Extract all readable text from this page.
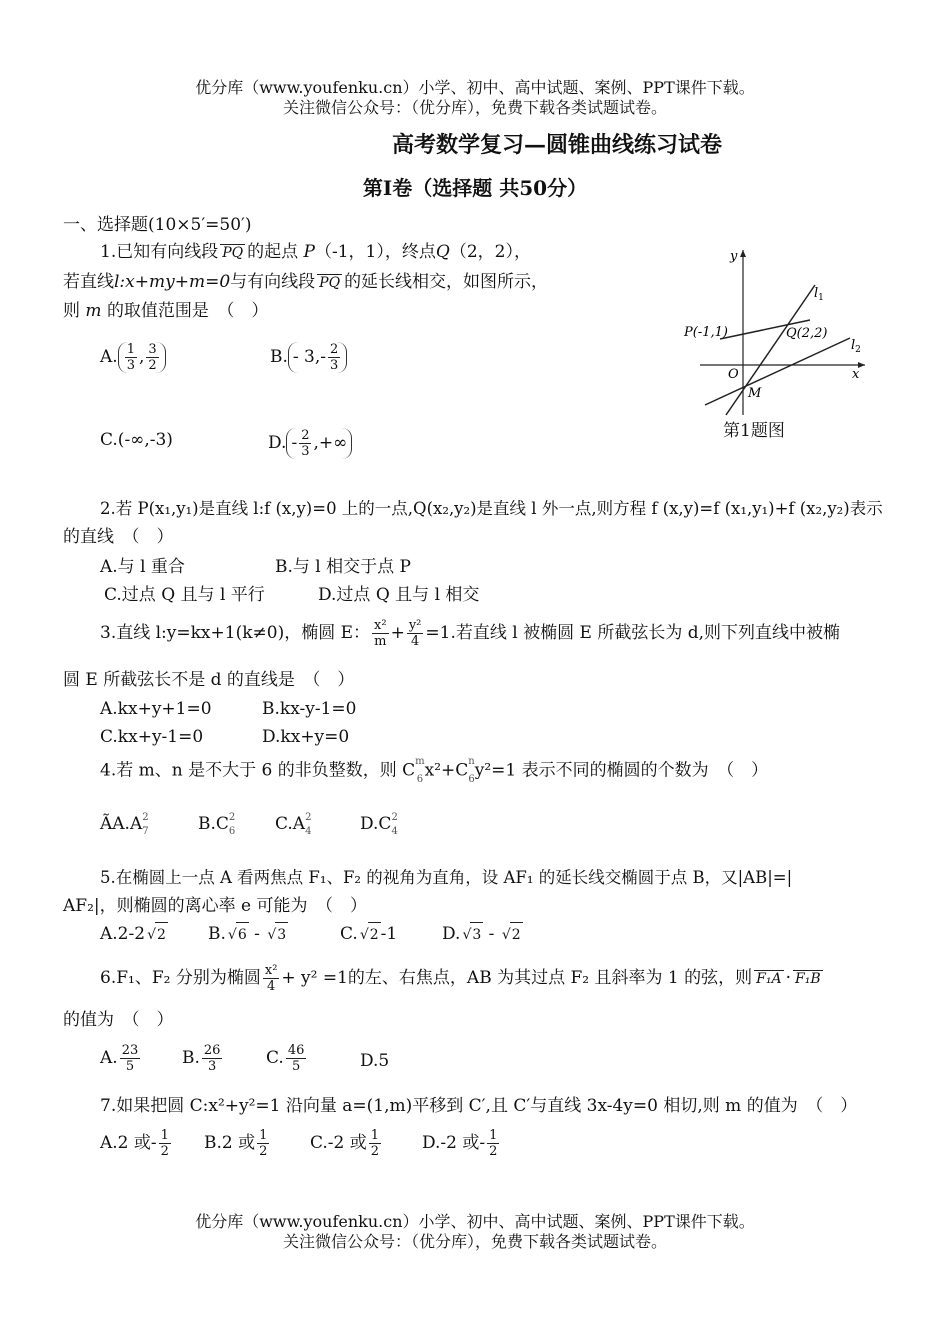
优分库（www.youfenku.cn）小学、初中、高中试题、案例、PPT课件下载。
关注微信公众号：（优分库），免费下载各类试题试卷。
高考数学复习—圆锥曲线练习试卷
第Ⅰ卷（选择题 共50分）
一、选择题(10×5′=50′)
1.已知有向线段 PQ 的起点 P（-1，1），终点Q（2，2），
若直线l:x+my+m=0与有向线段 PQ 的延长线相交，如图所示，
则 m 的取值范围是　（　）
A. $\frac{1}{3}$ , $\frac{3}{2}$	B. - $3,- \frac{2}{3}$
C.(-∞,-3)	D. - $\frac{2}{3}$ ,+∞
y
x
O
M
P(-1,1)	Q(2,2)
$l_1$
$l_2$
第1题图
2.若 P(x₁,y₁)是直线 l:f (x,y)=0 上的一点,Q(x₂,y₂)是直线 l 外一点,则方程 f (x,y)=f (x₁,y₁)+f (x₂,y₂)表示
的直线　（　）
A.与 l 重合	B.与 l 相交于点 P
C.过点 Q 且与 l 平行	D.过点 Q 且与 l 相交
3.直线 l:y=kx+1(k≠0)，椭圆 E： $\frac{\text{x²}}{m} + \frac{\text{y²}}{4} =1$.若直线 l 被椭圆 E 所截弦长为 d,则下列直线中被椭
圆 E 所截弦长不是 d 的直线是　（　）
A.kx+y+1=0	B.kx-y-1=0
C.kx+y-1=0	D.kx+y=0
4.若 m、n 是不大于 6 的非负整数，则 C m
6 x²+C n
6 y²=1 表示不同的椭圆的个数为　（　）
ÃA.A 2
7	B.C 2
6 C.A 2
4	D.C 2
4
5.在椭圆上一点 A 看两焦点 F₁、F₂ 的视角为直角，设 AF₁ 的延长线交椭圆于点 B，又|AB|=|
AF₂|，则椭圆的离心率 e 可能为　（　）
A.2-2 √ 2 B. √ 6 - √ 3	C. √ 2 -1	D. √ 3 - √ 2
6.F₁、F₂ 分别为椭圆 $\frac{\text{x²}}{4} + y^2 =1$的左、右焦点，AB 为其过点 F₂ 且斜率为 1 的弦，则 F₁A · F₁B
的值为　（　）
A. $\frac{23}{5} B$. $\frac{26}{3}$	C. $\frac{46}{5}$	D.5
7.如果把圆 C:x²+y²=1 沿向量 a=(1,m)平移到 C′,且 C′与直线 3x-4y=0 相切,则 m 的值为　（　）
A.2 或- $\frac{1}{2} B.2$ 或 $\frac{1}{2} C.-2$ 或 $\frac{1}{2} D.-2$ 或- $\frac{1}{2}$
优分库（www.youfenku.cn）小学、初中、高中试题、案例、PPT课件下载。
关注微信公众号：（优分库），免费下载各类试题试卷。
